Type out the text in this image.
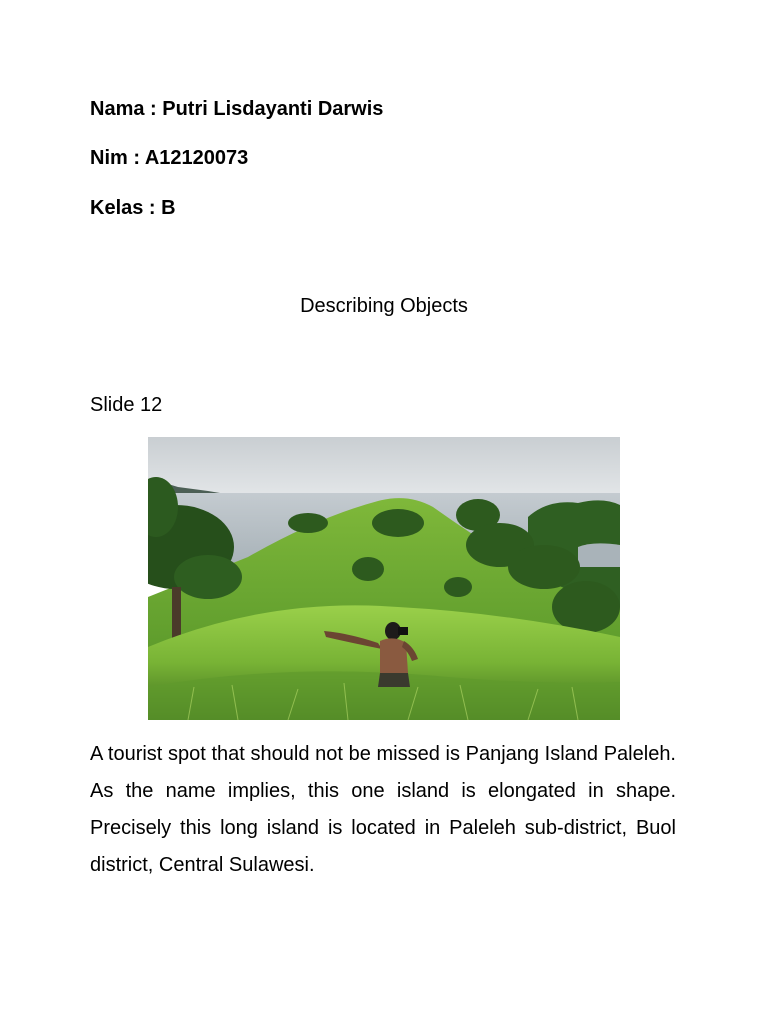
Nama : Putri Lisdayanti Darwis
Nim : A12120073
Kelas : B
Describing Objects
Slide 12
A tourist spot that should not be missed is Panjang Island Paleleh. As the name implies, this one island is elongated in shape. Precisely this long island is located in Paleleh sub-district, Buol district, Central Sulawesi.
